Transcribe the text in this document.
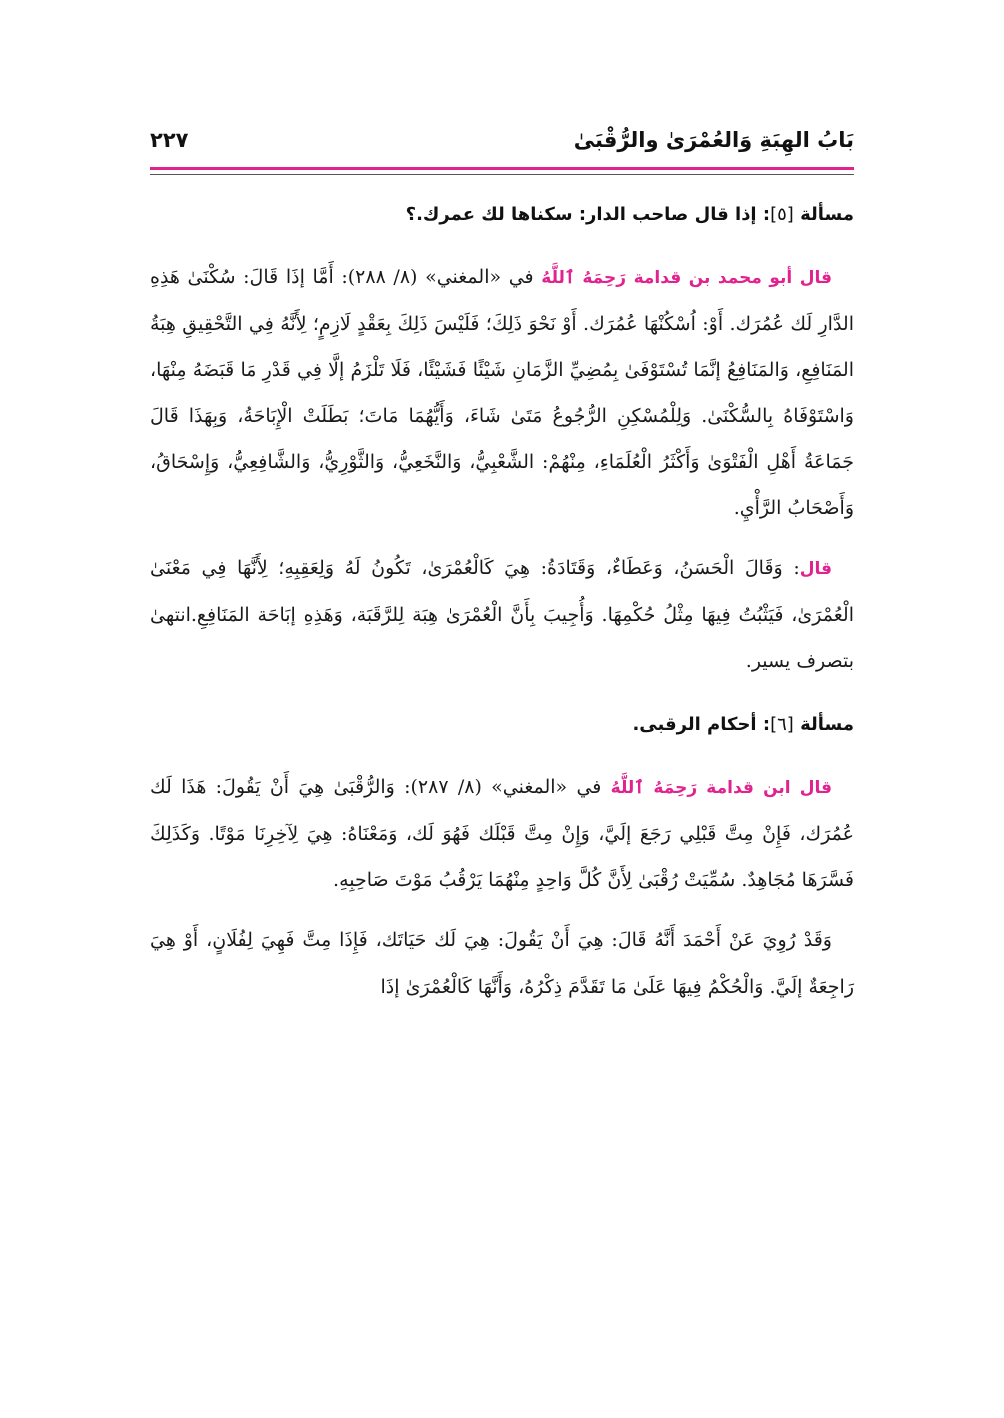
بَابُ الهِبَةِ وَالعُمْرَىٰ والرُّقْبَىٰ
٢٢٧
مسألة [٥]: إذا قال صاحب الدار: سكناها لك عمرك.؟

قال أبو محمد بن قدامة رَحِمَهُ ٱللَّهُ في «المغني» (٨/ ٢٨٨): أَمَّا إذَا قَالَ: سُكْنَىٰ هَذِهِ الدَّارِ لَك عُمُرَك. أَوْ: اُسْكُنْهَا عُمُرَك. أَوْ نَحْوَ ذَلِكَ؛ فَلَيْسَ ذَلِكَ بِعَقْدٍ لَازِمٍ؛ لِأَنَّهُ فِي التَّحْقِيقِ هِبَةُ المَنَافِعِ، وَالمَنَافِعُ إنَّمَا تُسْتَوْفَىٰ بِمُضِيِّ الزَّمَانِ شَيْئًا فَشَيْئًا، فَلَا تَلْزَمُ إلَّا فِي قَدْرِ مَا قَبَضَهُ مِنْهَا، وَاسْتَوْفَاهُ بِالسُّكْنَىٰ. وَلِلْمُسْكِنِ الرُّجُوعُ مَتَىٰ شَاءَ، وَأَيُّهُمَا مَاتَ؛ بَطَلَتْ الْإِبَاحَةُ، وَبِهَذَا قَالَ جَمَاعَةُ أَهْلِ الْفَتْوَىٰ وَأَكْثَرُ الْعُلَمَاءِ، مِنْهُمْ: الشَّعْبِيُّ، وَالنَّخَعِيُّ، وَالثَّوْرِيُّ، وَالشَّافِعِيُّ، وَإِسْحَاقُ، وَأَصْحَابُ الرَّأْيِ.

قال: وَقَالَ الْحَسَنُ، وَعَطَاءٌ، وَقَتَادَةُ: هِيَ كَالْعُمْرَىٰ، تَكُونُ لَهُ وَلِعَقِبِهِ؛ لِأَنَّهَا فِي مَعْنَىٰ الْعُمْرَىٰ، فَيَثْبُتُ فِيهَا مِثْلُ حُكْمِهَا. وَأُجِيبَ بِأَنَّ الْعُمْرَىٰ هِبَة لِلرَّقَبَة، وَهَذِهِ إبَاحَة المَنَافِعِ.انتهىٰ بتصرف يسير.

مسألة [٦]: أحكام الرقبى.

قال ابن قدامة رَحِمَهُ ٱللَّهُ في «المغني» (٨/ ٢٨٧): وَالرُّقْبَىٰ هِيَ أَنْ يَقُولَ: هَذَا لَك عُمُرَك، فَإِنْ مِتَّ قَبْلِي رَجَعَ إلَيَّ، وَإِنْ مِتَّ قَبْلَك فَهُوَ لَك، وَمَعْنَاهُ: هِيَ لِآخِرِنَا مَوْتًا. وَكَذَلِكَ فَسَّرَهَا مُجَاهِدٌ. سُمِّيَتْ رُقْبَىٰ لِأَنَّ كُلَّ وَاحِدٍ مِنْهُمَا يَرْقُبُ مَوْتَ صَاحِبِهِ.

وَقَدْ رُوِيَ عَنْ أَحْمَدَ أَنَّهُ قَالَ: هِيَ أَنْ يَقُولَ: هِيَ لَك حَيَاتَك، فَإِذَا مِتَّ فَهِيَ لِفُلَانٍ، أَوْ هِيَ رَاجِعَةٌ إلَيَّ. وَالْحُكْمُ فِيهَا عَلَىٰ مَا تَقَدَّمَ ذِكْرُهُ، وَأَنَّهَا كَالْعُمْرَىٰ إذَا
